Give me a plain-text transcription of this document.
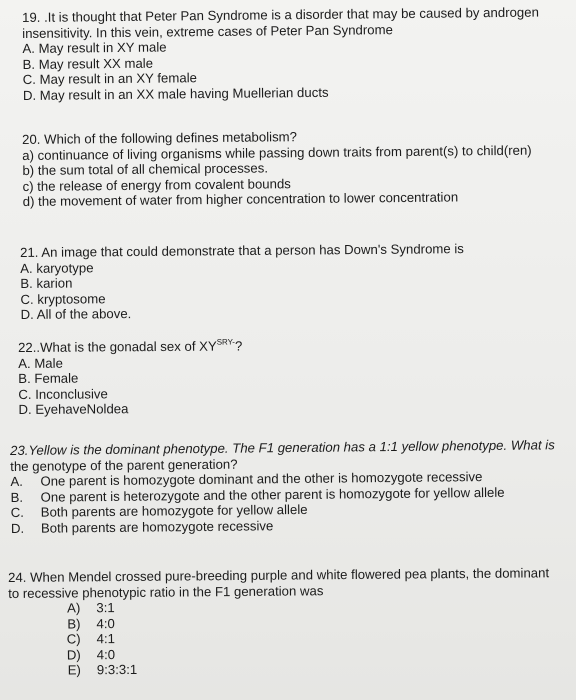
19. .It is thought that Peter Pan Syndrome is a disorder that may be caused by androgen
insensitivity. In this vein, extreme cases of Peter Pan Syndrome
A. May result in XY male
B. May result XX male
C. May result in an XY female
D. May result in an XX male having Muellerian ducts
20. Which of the following defines metabolism?
a) continuance of living organisms while passing down traits from parent(s) to child(ren)
b) the sum total of all chemical processes.
c) the release of energy from covalent bounds
d) the movement of water from higher concentration to lower concentration
21. An image that could demonstrate that a person has Down's Syndrome is
A. karyotype
B. karion
C. kryptosome
D. All of the above.
22..What is the gonadal sex of $XY^{SRY-}$?
A. Male
B. Female
C. Inconclusive
D. EyehaveNoldea
23.Yellow is the dominant phenotype. The F1 generation has a 1:1 yellow phenotype. What is
the genotype of the parent generation?
A. One parent is homozygote dominant and the other is homozygote recessive
B. One parent is heterozygote and the other parent is homozygote for yellow allele
C. Both parents are homozygote for yellow allele
D. Both parents are homozygote recessive
24. When Mendel crossed pure-breeding purple and white flowered pea plants, the dominant
to recessive phenotypic ratio in the F1 generation was
A) 3:1
B) 4:0
C) 4:1
D) 4:0
E) 9:3:3:1
